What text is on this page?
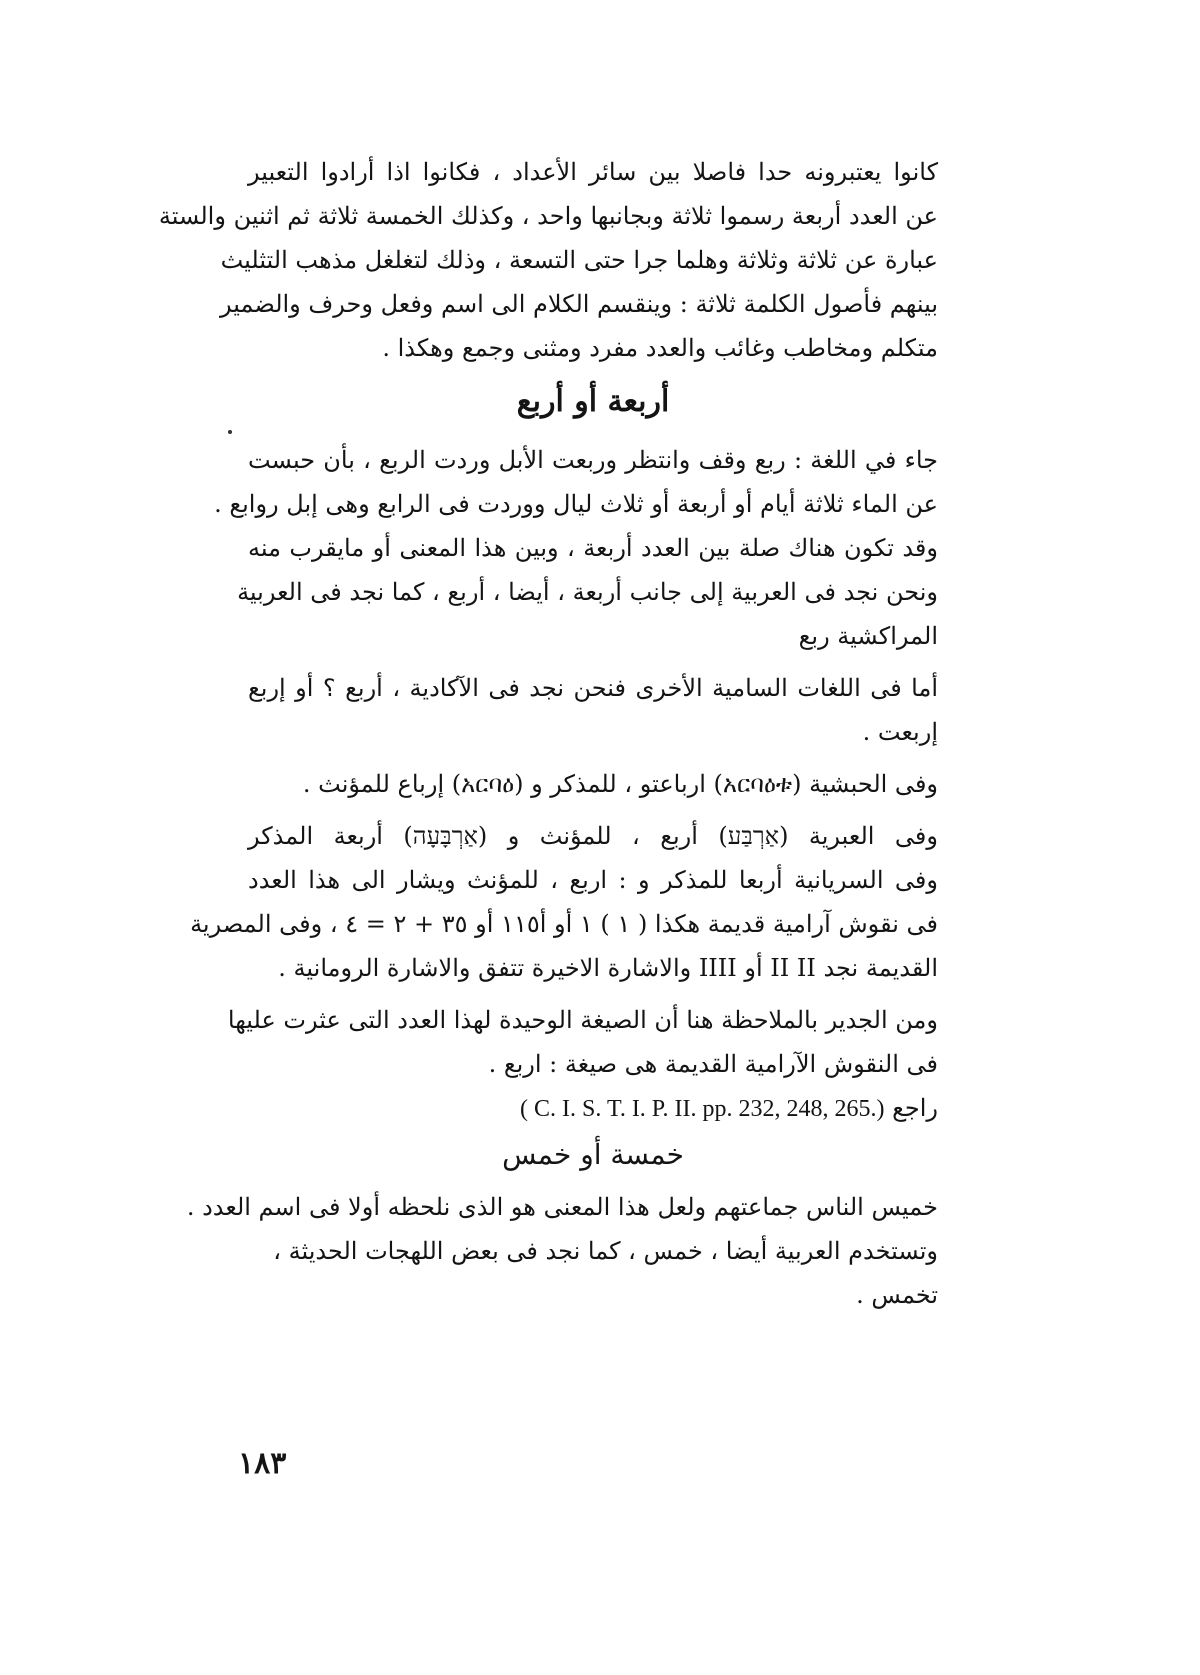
كانوا يعتبرونه حدا فاصلا بين سائر الأعداد ، فكانوا اذا أرادوا التعبير
عن العدد أربعة رسموا ثلاثة وبجانبها واحد ، وكذلك الخمسة ثلاثة ثم اثنين والستة
عبارة عن ثلاثة وثلاثة وهلما جرا حتى التسعة ، وذلك لتغلغل مذهب التثليث
بينهم فأصول الكلمة ثلاثة : وينقسم الكلام الى اسم وفعل وحرف والضمير
متكلم ومخاطب وغائب والعدد مفرد ومثنى وجمع وهكذا .
أربعة أو أربع
جاء في اللغة : ربع وقف وانتظر وربعت الأبل وردت الربع ، بأن حبست
عن الماء ثلاثة أيام أو أربعة أو ثلاث ليال ووردت فى الرابع وهى إبل روابع .
وقد تكون هناك صلة بين العدد أربعة ، وبين هذا المعنى أو مايقرب منه
ونحن نجد فى العربية إلى جانب أربعة ، أيضا ، أربع ، كما نجد فى العربية
المراكشية ربع
أما فى اللغات السامية الأخرى فنحن نجد فى الآكادية ، أربع ؟ أو إربع
إربعت .
وفى الحبشية (አርባዕቱ) ارباعتو ، للمذكر و (አርባዕ) إرباع للمؤنث .
وفى العبرية (אַרְבַּע) أربع ، للمؤنث و (אַרְבָּעָה) أربعة المذكر
وفى السريانية أربعا للمذكر و : اربع ، للمؤنث ويشار الى هذا العدد
فى نقوش آرامية قديمة هكذا ( ١ ) ١ أو أ١١٥ أو ٣٥ + ٢ = ٤ ، وفى المصرية
القديمة نجد II II أو IIII والاشارة الاخيرة تتفق والاشارة الرومانية .
ومن الجدير بالملاحظة هنا أن الصيغة الوحيدة لهذا العدد التى عثرت عليها
فى النقوش الآرامية القديمة هى صيغة : اربع .
راجع ( C. I. S. T. I. P. II. pp. 232, 248, 265.)
خمسة أو خمس
خميس الناس جماعتهم ولعل هذا المعنى هو الذى نلحظه أولا فى اسم العدد .
وتستخدم العربية أيضا ، خمس ، كما نجد فى بعض اللهجات الحديثة ،
تخمس .
١٨٣
